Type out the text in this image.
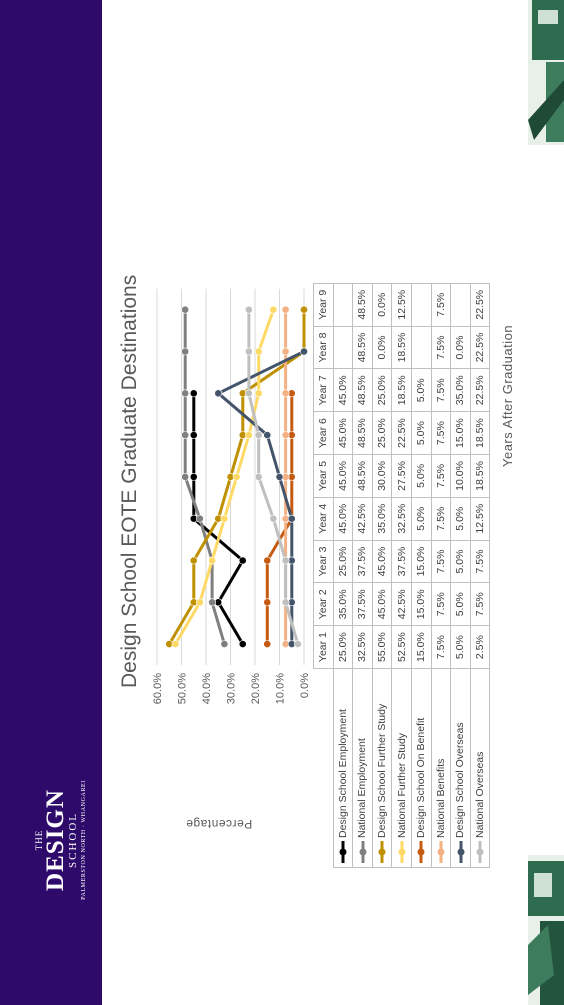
THE
DESIGN
SCHOOL PALMERSTON NORTH · WHANGAREI
Design School EOTE Graduate Destinations
Percentage
0.0%
10.0%
20.0%
30.0%
40.0%
50.0%
60.0%
	Year 1	Year 2	Year 3	Year 4	Year 5	Year 6	Year 7	Year 8	Year 9
Design School Employment	25.0%	35.0%	25.0%	45.0%	45.0%	45.0%	45.0%		
National Employment	32.5%	37.5%	37.5%	42.5%	48.5%	48.5%	48.5%	48.5%	48.5%
Design School Further Study	55.0%	45.0%	45.0%	35.0%	30.0%	25.0%	25.0%	0.0%	0.0%
National Further Study	52.5%	42.5%	37.5%	32.5%	27.5%	22.5%	18.5%	18.5%	12.5%
Design School On Benefit	15.0%	15.0%	15.0%	5.0%	5.0%	5.0%	5.0%		
National Benefits	7.5%	7.5%	7.5%	7.5%	7.5%	7.5%	7.5%	7.5%	7.5%
Design School Overseas	5.0%	5.0%	5.0%	5.0%	10.0%	15.0%	35.0%	0.0%	
National Overseas	2.5%	7.5%	7.5%	12.5%	18.5%	18.5%	22.5%	22.5%	22.5%
Years After Graduation
